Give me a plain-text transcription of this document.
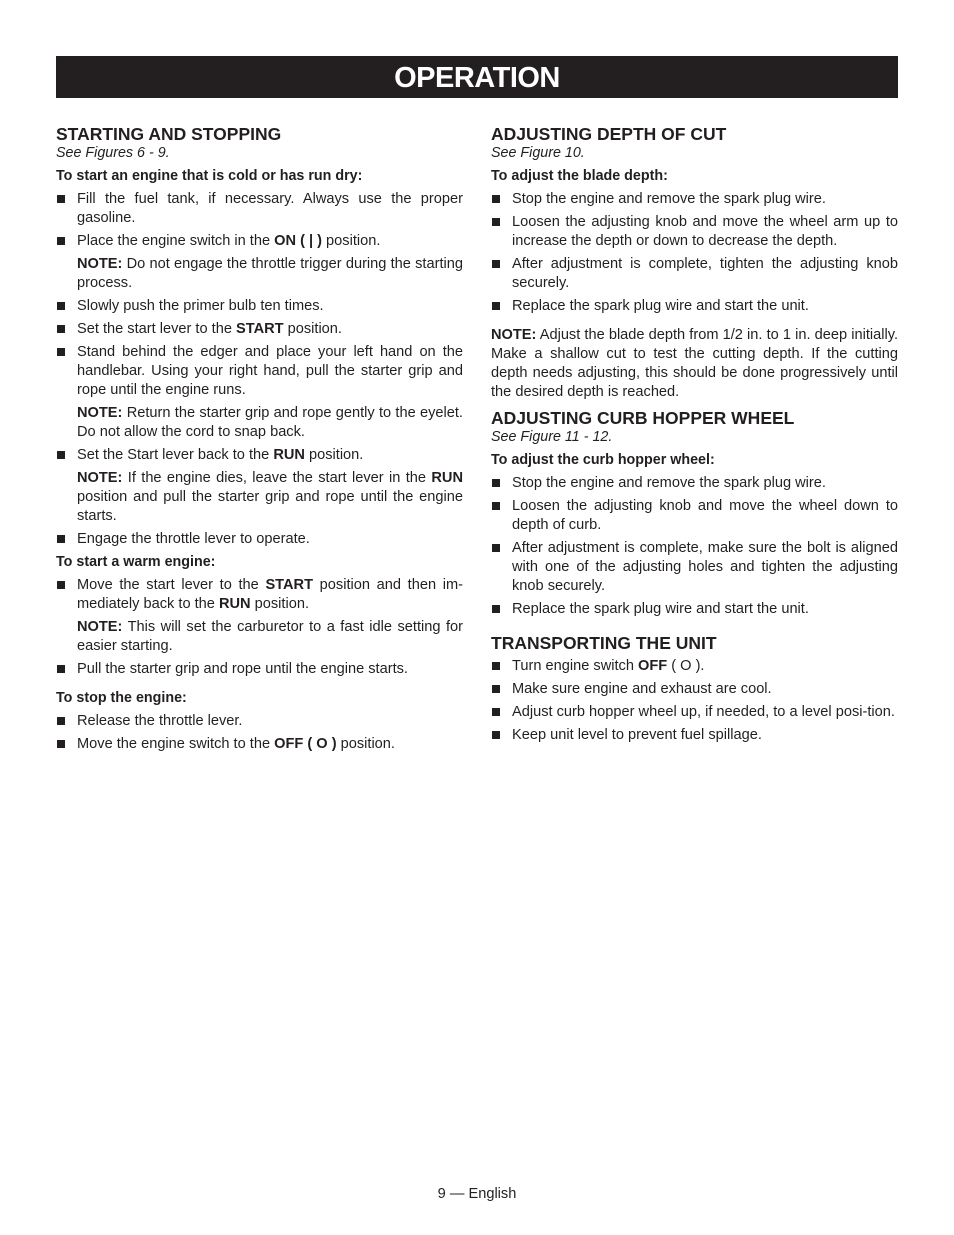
OPERATION

STARTING AND STOPPING

See Figures 6 - 9.

To start an engine that is cold or has run dry:

Fill the fuel tank, if necessary. Always use the proper gasoline.
Place the engine switch in the ON ( | ) position.
NOTE: Do not engage the throttle trigger during the starting process.
Slowly push the primer bulb ten times.
Set the start lever to the START position.
Stand behind the edger and place your left hand on the handlebar. Using your right hand, pull the starter grip and rope until the engine runs.
NOTE: Return the starter grip and rope gently to the eyelet. Do not allow the cord to snap back.
Set the Start lever back to the RUN position.
NOTE: If the engine dies, leave the start lever in the RUN position and pull the starter grip and rope until the engine starts.
Engage the throttle lever to operate.

To start a warm engine:

Move the start lever to the START position and then im-mediately back to the RUN position.
NOTE: This will set the carburetor to a fast idle setting for easier starting.
Pull the starter grip and rope until the engine starts.

To stop the engine:

Release the throttle lever.
Move the engine switch to the OFF ( O ) position.

ADJUSTING DEPTH OF CUT

See Figure 10.

To adjust the blade depth:

Stop the engine and remove the spark plug wire.
Loosen the adjusting knob and move the wheel arm up to increase the depth or down to decrease the depth.
After adjustment is complete, tighten the adjusting knob securely.
Replace the spark plug wire and start the unit.

NOTE: Adjust the blade depth from 1/2 in. to 1 in. deep initially. Make a shallow cut to test the cutting depth. If the cutting depth needs adjusting, this should be done progressively until the desired depth is reached.

ADJUSTING CURB HOPPER WHEEL

See Figure 11 - 12.

To adjust the curb hopper wheel:

Stop the engine and remove the spark plug wire.
Loosen the adjusting knob and move the wheel down to depth of curb.
After adjustment is complete, make sure the bolt is aligned with one of the adjusting holes and tighten the adjusting knob securely.
Replace the spark plug wire and start the unit.

TRANSPORTING THE UNIT

Turn engine switch OFF ( O ).
Make sure engine and exhaust are cool.
Adjust curb hopper wheel up, if needed, to a level posi-tion.
Keep unit level to prevent fuel spillage.
9 — English
